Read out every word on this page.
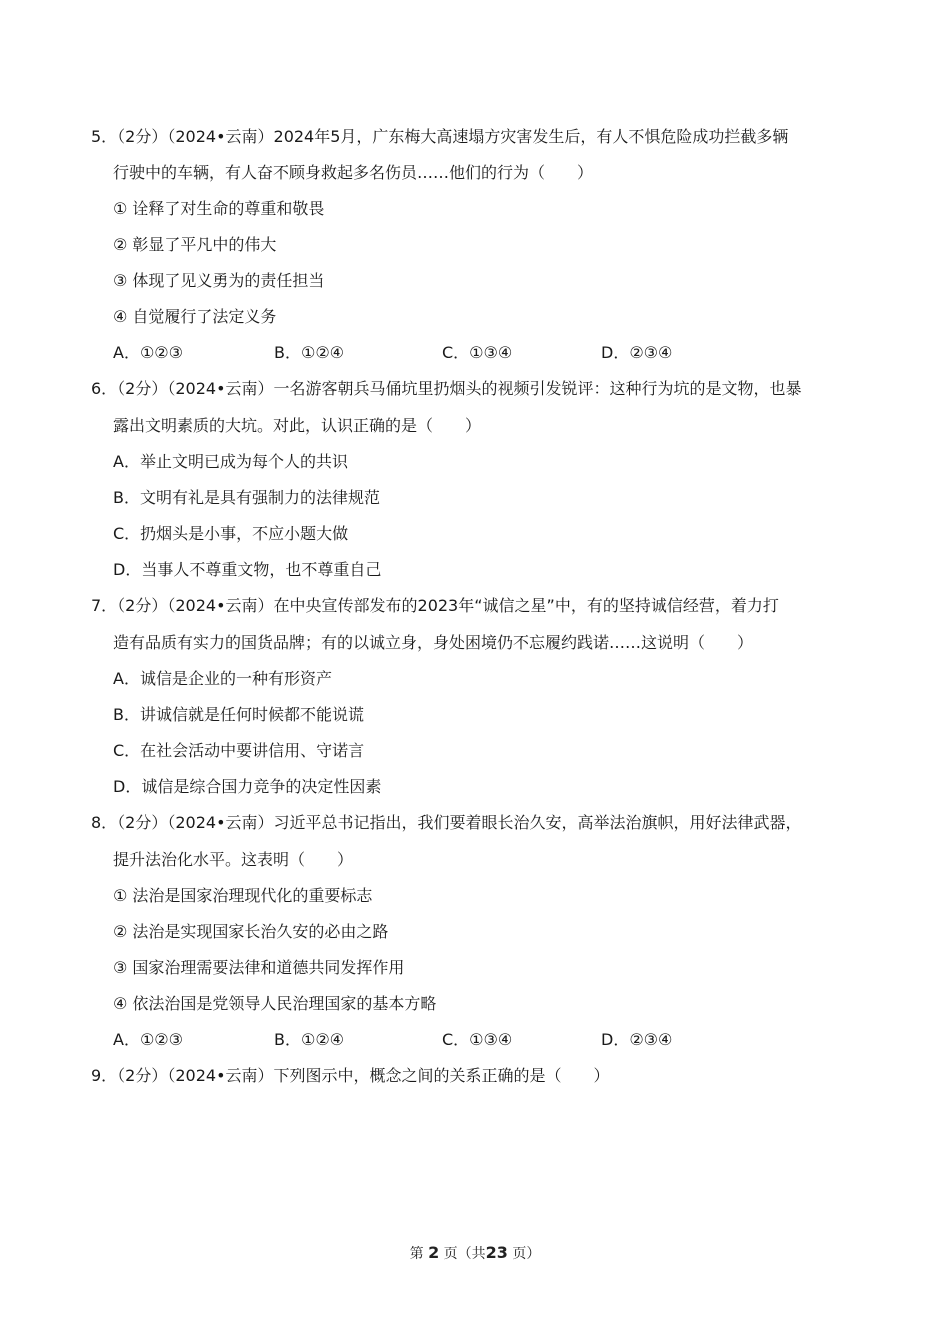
5．（2分）（2024•云南）2024年5月，广东梅大高速塌方灾害发生后，有人不惧危险成功拦截多辆
行驶中的车辆，有人奋不顾身救起多名伤员……他们的行为（　　）
① 诠释了对生命的尊重和敬畏
② 彰显了平凡中的伟大
③ 体现了见义勇为的责任担当
④ 自觉履行了法定义务
A．①②③	B．①②④	C．①③④	D．②③④
6．（2分）（2024•云南）一名游客朝兵马俑坑里扔烟头的视频引发锐评：这种行为坑的是文物，也暴
露出文明素质的大坑。对此，认识正确的是（　　）
A．举止文明已成为每个人的共识
B．文明有礼是具有强制力的法律规范
C．扔烟头是小事，不应小题大做
D．当事人不尊重文物，也不尊重自己
7．（2分）（2024•云南）在中央宣传部发布的2023年“诚信之星”中，有的坚持诚信经营，着力打
造有品质有实力的国货品牌；有的以诚立身，身处困境仍不忘履约践诺……这说明（　　）
A．诚信是企业的一种有形资产
B．讲诚信就是任何时候都不能说谎
C．在社会活动中要讲信用、守诺言
D．诚信是综合国力竞争的决定性因素
8．（2分）（2024•云南）习近平总书记指出，我们要着眼长治久安，高举法治旗帜，用好法律武器，
提升法治化水平。这表明（　　）
① 法治是国家治理现代化的重要标志
② 法治是实现国家长治久安的必由之路
③ 国家治理需要法律和道德共同发挥作用
④ 依法治国是党领导人民治理国家的基本方略
A．①②③	B．①②④	C．①③④	D．②③④
9．（2分）（2024•云南）下列图示中，概念之间的关系正确的是（　　）
第 2 页（共23 页）
